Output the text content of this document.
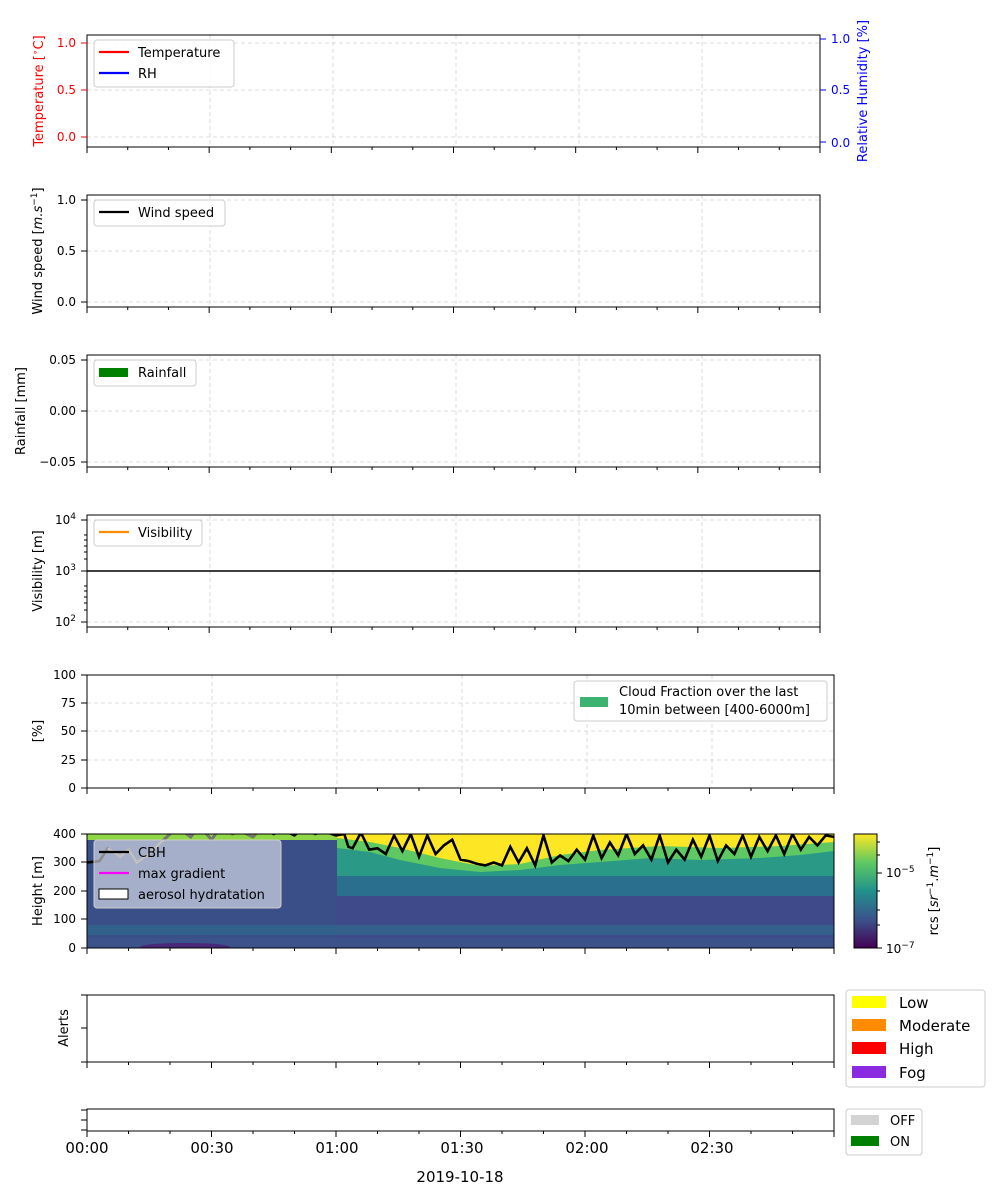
1.0
0.5
0.0
1.0
0.5
0.0
Temperature [∘C]	Relative Humidity [%]
Temperature
RH
1.0
0.5
0.0
Wind speed $[m.s^{-1}]$
Wind speed
0.05
0.00
−0.05
Rainfall [mm]	Rainfall
$10^4$
$10^3$
$10^2$
Visibility [m]	Visibility
100
75
50
25
0
[%]
Cloud Fraction over the last
10min between [400-6000m]
400
300
200
100
0
Height [m]
CBH
max gradient
aerosol hydratation
$10^{-5}$
$10^{-7}$
rcs $[sr^{-1}.m^{-1}]$
Alerts
Low
Moderate
High
Fog
OFF
ON
00:00	00:30	01:00	01:30	02:00	02:30
2019-10-18
